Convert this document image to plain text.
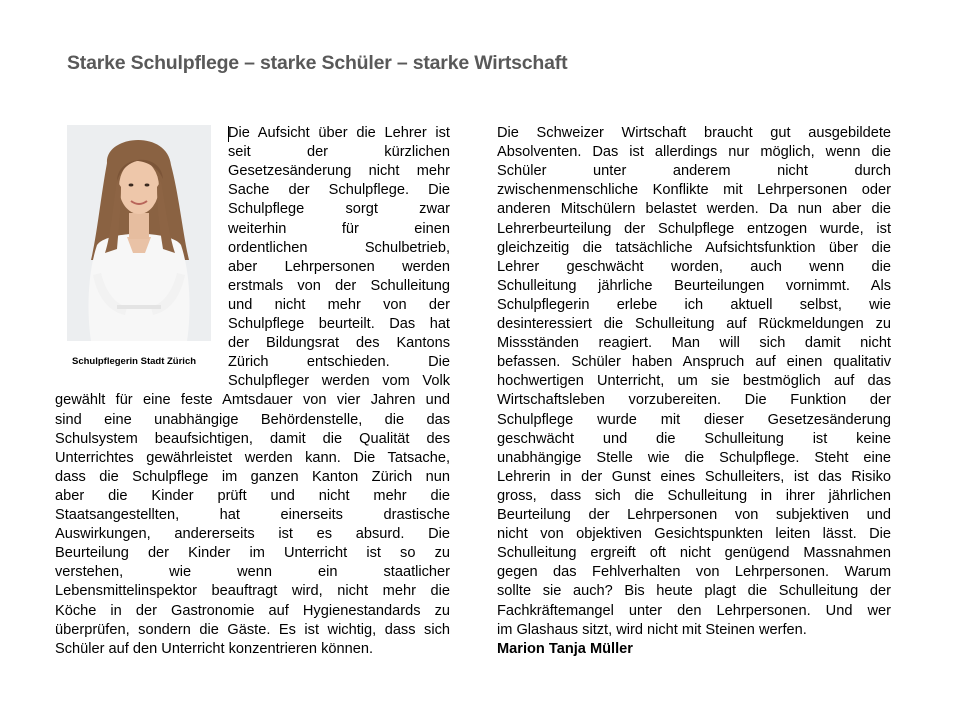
Starke Schulpflege – starke Schüler – starke Wirtschaft
Schulpflegerin Stadt Zürich
Die Aufsicht über die Lehrer ist
seit der kürzlichen
Gesetzesänderung nicht mehr
Sache der Schulpflege. Die
Schulpflege sorgt zwar
weiterhin für einen
ordentlichen Schulbetrieb,
aber Lehrpersonen werden
erstmals von der Schulleitung
und nicht mehr von der
Schulpflege beurteilt. Das hat
der Bildungsrat des Kantons
Zürich entschieden. Die
Schulpfleger werden vom Volk
gewählt für eine feste Amtsdauer von vier Jahren und
sind eine unabhängige Behördenstelle, die das
Schulsystem beaufsichtigen, damit die Qualität des
Unterrichtes gewährleistet werden kann. Die Tatsache,
dass die Schulpflege im ganzen Kanton Zürich nun
aber die Kinder prüft und nicht mehr die
Staatsangestellten, hat einerseits drastische
Auswirkungen, andererseits ist es absurd. Die
Beurteilung der Kinder im Unterricht ist so zu
verstehen, wie wenn ein staatlicher
Lebensmittelinspektor beauftragt wird, nicht mehr die
Köche in der Gastronomie auf Hygienestandards zu
überprüfen, sondern die Gäste. Es ist wichtig, dass sich
Schüler auf den Unterricht konzentrieren können.
Die Schweizer Wirtschaft braucht gut ausgebildete
Absolventen. Das ist allerdings nur möglich, wenn die
Schüler unter anderem nicht durch
zwischenmenschliche Konflikte mit Lehrpersonen oder
anderen Mitschülern belastet werden. Da nun aber die
Lehrerbeurteilung der Schulpflege entzogen wurde, ist
gleichzeitig die tatsächliche Aufsichtsfunktion über die
Lehrer geschwächt worden, auch wenn die
Schulleitung jährliche Beurteilungen vornimmt. Als
Schulpflegerin erlebe ich aktuell selbst, wie
desinteressiert die Schulleitung auf Rückmeldungen zu
Missständen reagiert. Man will sich damit nicht
befassen. Schüler haben Anspruch auf einen qualitativ
hochwertigen Unterricht, um sie bestmöglich auf das
Wirtschaftsleben vorzubereiten. Die Funktion der
Schulpflege wurde mit dieser Gesetzesänderung
geschwächt und die Schulleitung ist keine
unabhängige Stelle wie die Schulpflege. Steht eine
Lehrerin in der Gunst eines Schulleiters, ist das Risiko
gross, dass sich die Schulleitung in ihrer jährlichen
Beurteilung der Lehrpersonen von subjektiven und
nicht von objektiven Gesichtspunkten leiten lässt. Die
Schulleitung ergreift oft nicht genügend Massnahmen
gegen das Fehlverhalten von Lehrpersonen. Warum
sollte sie auch? Bis heute plagt die Schulleitung der
Fachkräftemangel unter den Lehrpersonen. Und wer
im Glashaus sitzt, wird nicht mit Steinen werfen.
Marion Tanja Müller
